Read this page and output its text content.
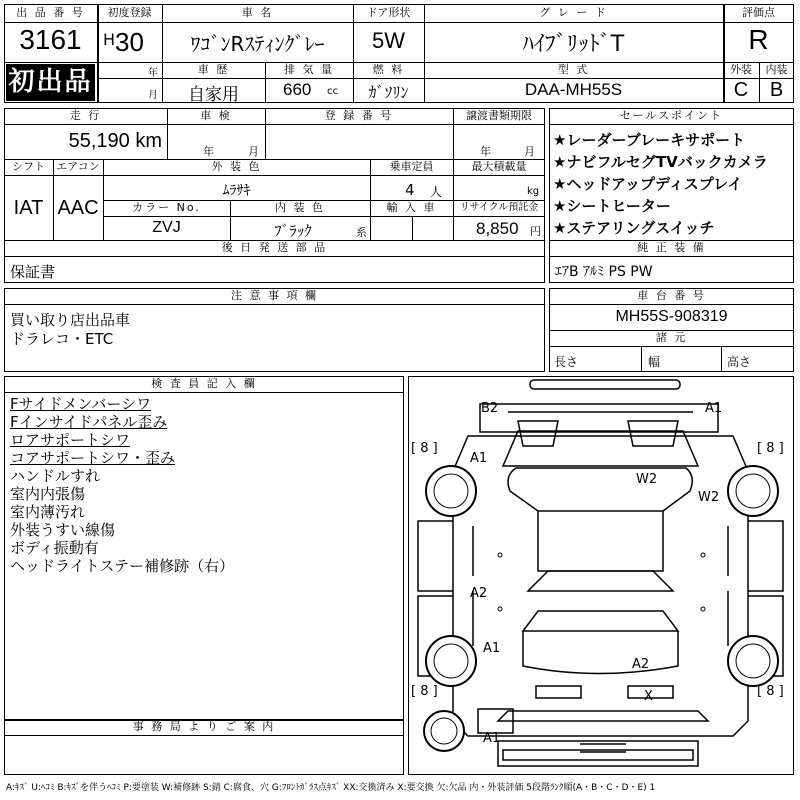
出 品 番 号
3161
初出品
初度登録
H 30
年
月
車 名
ﾜｺﾞﾝRｽﾃｨﾝｸﾞﾚｰ
ドア形状
5W
グ レ ー ド
ﾊｲﾌﾞﾘｯﾄﾞT
評価点
R
車 歴
自家用
排 気 量
660 cc
燃 料
ｶﾞｿﾘﾝ
型 式
DAA-MH55S
外装
C
内装
B
走 行
55,190 km
車 検
年	月
登 録 番 号	譲渡書類期限
年	月
シフト
IAT
エアコン
AAC
外 装 色
ﾑﾗｻｷ
乗車定員
4 人
最大積載量
kg
カラー No.
ZVJ
内 装 色
ﾌﾞﾗｯｸ	系
輸 入 車	リサイクル預託金
8,850 円
後 日 発 送 部 品
保証書
セールスポイント
★レーダーブレーキサポート
★ナビフルセグTVバックカメラ
★ヘッドアップディスプレイ
★シートヒーター
★ステアリングスイッチ
純 正 装 備
ｴｱB ｱﾙﾐ PS PW
注 意 事 項 欄
買い取り店出品車
ドラレコ・ETC
車 台 番 号
MH55S-908319
諸 元
長さ	幅	高さ
検 査 員 記 入 欄
Fサイドメンバーシワ
Fインサイドパネル歪み
ロアサポートシワ
コアサポートシワ・歪み
ハンドルすれ
室内内張傷
室内薄汚れ
外装うすい線傷
ボディ振動有
ヘッドライトステー補修跡（右）
事 務 局 よ り ご 案 内
B2	A1
A1
W2
W2
A2
A1
A2
X
A1
[ 8 ]	[ 8 ]
[ 8 ]	[ 8 ]
A:ｷｽﾞ U:ﾍｺﾐ B:ｷｽﾞを伴うﾍｺﾐ P:要塗装 W:補修跡 S:錆 C:腐食、穴 G:ﾌﾛﾝﾄｶﾞﾗｽ点ｷｽﾞ XX:交換済み X:要交換 欠:欠品 内・外装評価 5段階ﾗﾝｸ順(A・B・C・D・E) 1
